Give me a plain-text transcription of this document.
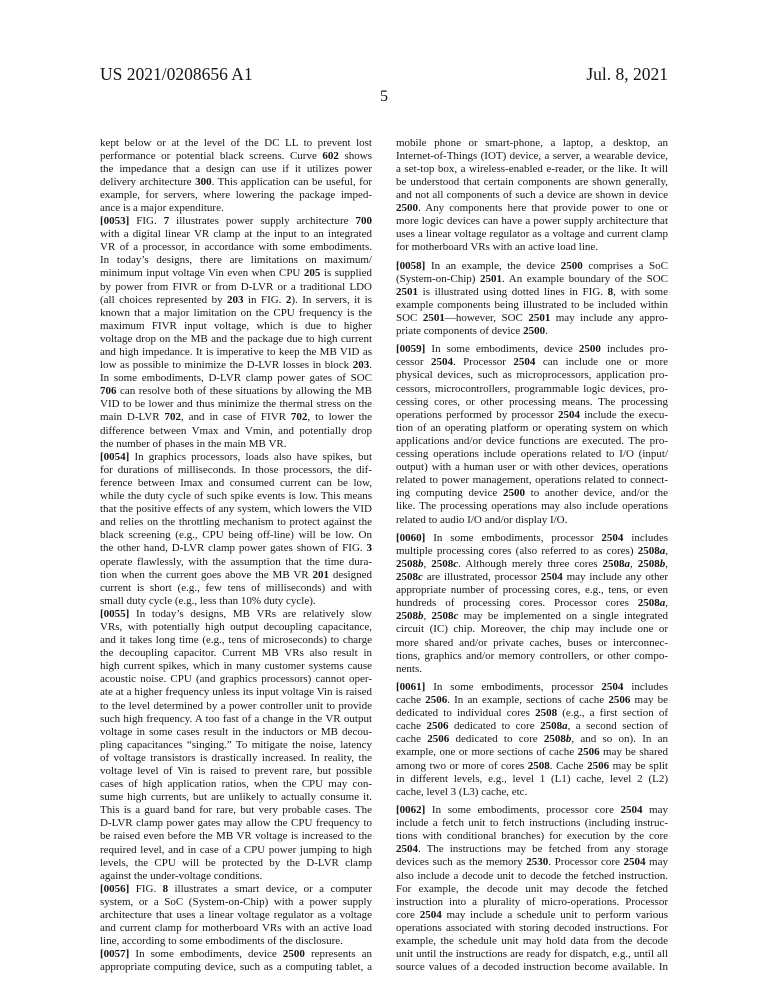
US 2021/0208656 A1	Jul. 8, 2021
5
kept below or at the level of the DC LL to prevent lost
performance or potential black screens. Curve 602 shows
the impedance that a design can use if it utilizes power
delivery architecture 300. This application can be useful, for
example, for servers, where lowering the package imped-
ance is a major expenditure.
[0053] FIG. 7 illustrates power supply architecture 700
with a digital linear VR clamp at the input to an integrated
VR of a processor, in accordance with some embodiments.
In today’s designs, there are limitations on maximum/
minimum input voltage Vin even when CPU 205 is supplied
by power from FIVR or from D-LVR or a traditional LDO
(all choices represented by 203 in FIG. 2). In servers, it is
known that a major limitation on the CPU frequency is the
maximum FIVR input voltage, which is due to higher
voltage drop on the MB and the package due to high current
and high impedance. It is imperative to keep the MB VID as
low as possible to minimize the D-LVR losses in block 203.
In some embodiments, D-LVR clamp power gates of SOC
706 can resolve both of these situations by allowing the MB
VID to be lower and thus minimize the thermal stress on the
main D-LVR 702, and in case of FIVR 702, to lower the
difference between Vmax and Vmin, and potentially drop
the number of phases in the main MB VR.
[0054] In graphics processors, loads also have spikes, but
for durations of milliseconds. In those processors, the dif-
ference between Imax and consumed current can be low,
while the duty cycle of such spike events is low. This means
that the positive effects of any system, which lowers the VID
and relies on the throttling mechanism to protect against the
black screening (e.g., CPU being off-line) will be low. On
the other hand, D-LVR clamp power gates shown of FIG. 3
operate flawlessly, with the assumption that the time dura-
tion when the current goes above the MB VR 201 designed
current is short (e.g., few tens of milliseconds) and with
small duty cycle (e.g., less than 10% duty cycle).
[0055] In today’s designs, MB VRs are relatively slow
VRs, with potentially high output decoupling capacitance,
and it takes long time (e.g., tens of microseconds) to charge
the decoupling capacitor. Current MB VRs also result in
high current spikes, which in many customer systems cause
acoustic noise. CPU (and graphics processors) cannot oper-
ate at a higher frequency unless its input voltage Vin is raised
to the level determined by a power controller unit to provide
such high frequency. A too fast of a change in the VR output
voltage in some cases result in the inductors or MB decou-
pling capacitances “singing.” To mitigate the noise, latency
of voltage transistors is drastically increased. In reality, the
voltage level of Vin is raised to prevent rare, but possible
cases of high application ratios, when the CPU may con-
sume high currents, but are unlikely to actually consume it.
This is a guard band for rare, but very probable cases. The
D-LVR clamp power gates may allow the CPU frequency to
be raised even before the MB VR voltage is increased to the
required level, and in case of a CPU power jumping to high
levels, the CPU will be protected by the D-LVR clamp
against the under-voltage conditions.
[0056] FIG. 8 illustrates a smart device, or a computer
system, or a SoC (System-on-Chip) with a power supply
architecture that uses a linear voltage regulator as a voltage
and current clamp for motherboard VRs with an active load
line, according to some embodiments of the disclosure.
[0057] In some embodiments, device 2500 represents an
appropriate computing device, such as a computing tablet, a
mobile phone or smart-phone, a laptop, a desktop, an
Internet-of-Things (IOT) device, a server, a wearable device,
a set-top box, a wireless-enabled e-reader, or the like. It will
be understood that certain components are shown generally,
and not all components of such a device are shown in device
2500. Any components here that provide power to one or
more logic devices can have a power supply architecture that
uses a linear voltage regulator as a voltage and current clamp
for motherboard VRs with an active load line.
[0058] In an example, the device 2500 comprises a SoC
(System-on-Chip) 2501. An example boundary of the SOC
2501 is illustrated using dotted lines in FIG. 8, with some
example components being illustrated to be included within
SOC 2501—however, SOC 2501 may include any appro-
priate components of device 2500.
[0059] In some embodiments, device 2500 includes pro-
cessor 2504. Processor 2504 can include one or more
physical devices, such as microprocessors, application pro-
cessors, microcontrollers, programmable logic devices, pro-
cessing cores, or other processing means. The processing
operations performed by processor 2504 include the execu-
tion of an operating platform or operating system on which
applications and/or device functions are executed. The pro-
cessing operations include operations related to I/O (input/
output) with a human user or with other devices, operations
related to power management, operations related to connect-
ing computing device 2500 to another device, and/or the
like. The processing operations may also include operations
related to audio I/O and/or display I/O.
[0060] In some embodiments, processor 2504 includes
multiple processing cores (also referred to as cores) 2508a,
2508b, 2508c. Although merely three cores 2508a, 2508b,
2508c are illustrated, processor 2504 may include any other
appropriate number of processing cores, e.g., tens, or even
hundreds of processing cores. Processor cores 2508a,
2508b, 2508c may be implemented on a single integrated
circuit (IC) chip. Moreover, the chip may include one or
more shared and/or private caches, buses or interconnec-
tions, graphics and/or memory controllers, or other compo-
nents.
[0061] In some embodiments, processor 2504 includes
cache 2506. In an example, sections of cache 2506 may be
dedicated to individual cores 2508 (e.g., a first section of
cache 2506 dedicated to core 2508a, a second section of
cache 2506 dedicated to core 2508b, and so on). In an
example, one or more sections of cache 2506 may be shared
among two or more of cores 2508. Cache 2506 may be split
in different levels, e.g., level 1 (L1) cache, level 2 (L2)
cache, level 3 (L3) cache, etc.
[0062] In some embodiments, processor core 2504 may
include a fetch unit to fetch instructions (including instruc-
tions with conditional branches) for execution by the core
2504. The instructions may be fetched from any storage
devices such as the memory 2530. Processor core 2504 may
also include a decode unit to decode the fetched instruction.
For example, the decode unit may decode the fetched
instruction into a plurality of micro-operations. Processor
core 2504 may include a schedule unit to perform various
operations associated with storing decoded instructions. For
example, the schedule unit may hold data from the decode
unit until the instructions are ready for dispatch, e.g., until all
source values of a decoded instruction become available. In
